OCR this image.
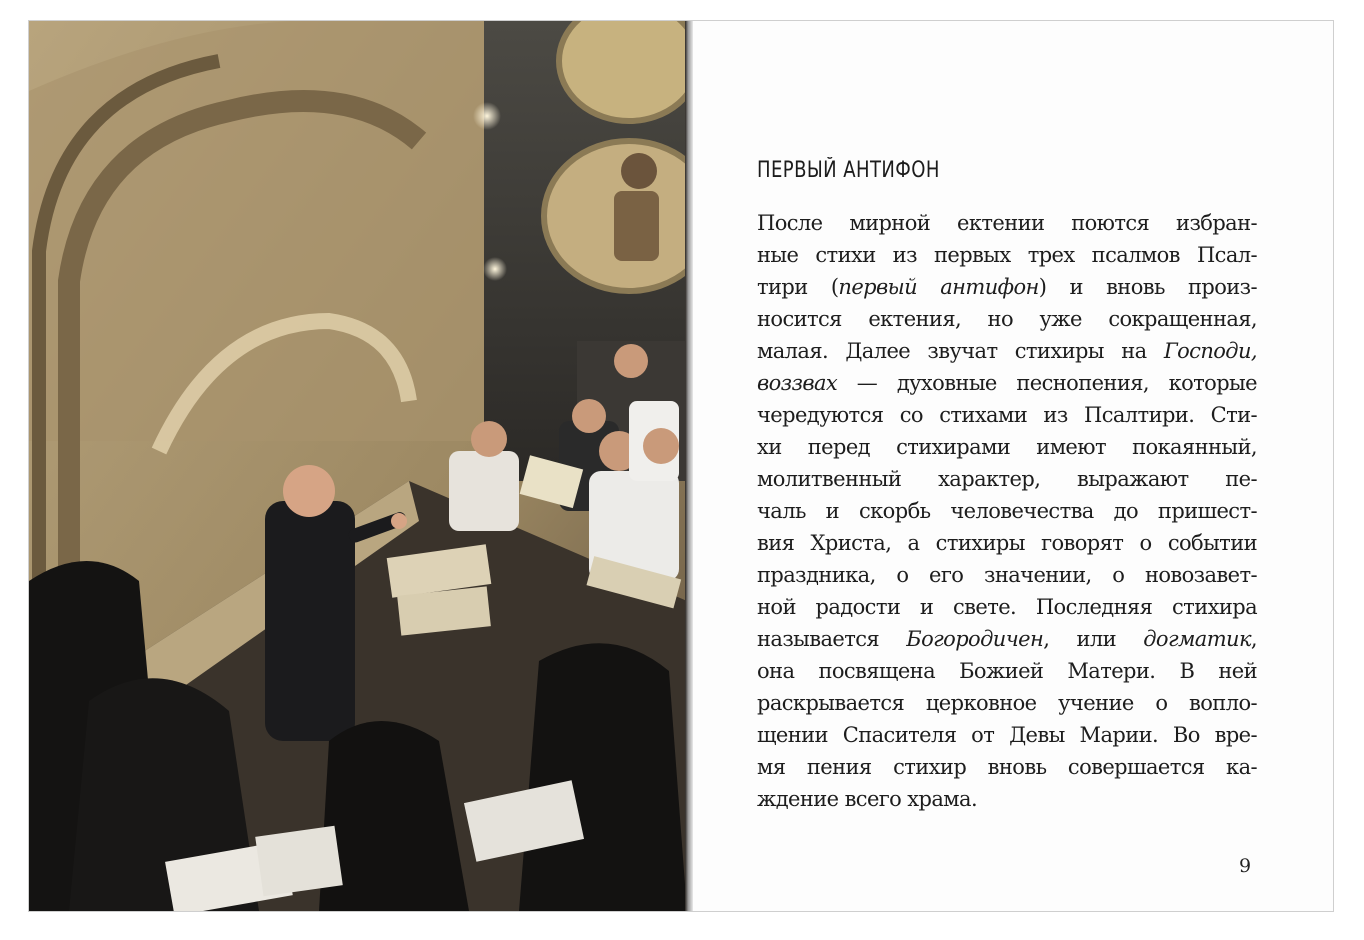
ПЕРВЫЙ АНТИФОН
После мирной ектении поются избран-
ные стихи из первых трех псалмов Псал-
тири (первый антифон) и вновь произ-
носится ектения, но уже сокращенная,
малая. Далее звучат стихиры на Господи,
воззвах — духовные песнопения, которые
чередуются со стихами из Псалтири. Сти-
хи перед стихирами имеют покаянный,
молитвенный характер, выражают пе-
чаль и скорбь человечества до пришест-
вия Христа, а стихиры говорят о событии
праздника, о его значении, о новозавет-
ной радости и свете. Последняя стихира
называется Богородичен, или догматик,
она посвящена Божией Матери. В ней
раскрывается церковное учение о вопло-
щении Спасителя от Девы Марии. Во вре-
мя пения стихир вновь совершается ка-
ждение всего храма.
9
